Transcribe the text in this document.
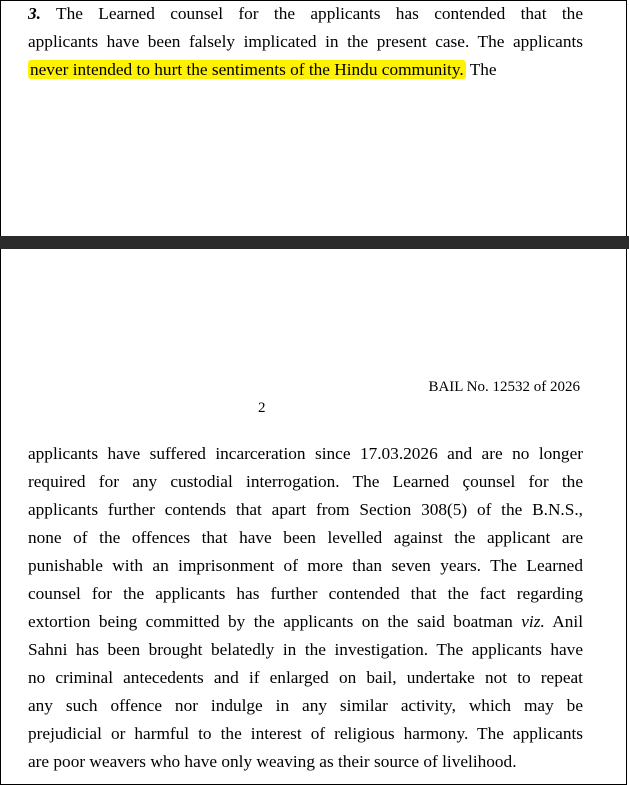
3. The Learned counsel for the applicants has contended that the
applicants have been falsely implicated in the present case. The applicants
never intended to hurt the sentiments of the Hindu community. The
BAIL No. 12532 of 2026
2
applicants have suffered incarceration since 17.03.2026 and are no longer
required for any custodial interrogation. The Learned çounsel for the
applicants further contends that apart from Section 308(5) of the B.N.S.,
none of the offences that have been levelled against the applicant are
punishable with an imprisonment of more than seven years. The Learned
counsel for the applicants has further contended that the fact regarding
extortion being committed by the applicants on the said boatman viz. Anil
Sahni has been brought belatedly in the investigation. The applicants have
no criminal antecedents and if enlarged on bail, undertake not to repeat
any such offence nor indulge in any similar activity, which may be
prejudicial or harmful to the interest of religious harmony. The applicants
are poor weavers who have only weaving as their source of livelihood.
